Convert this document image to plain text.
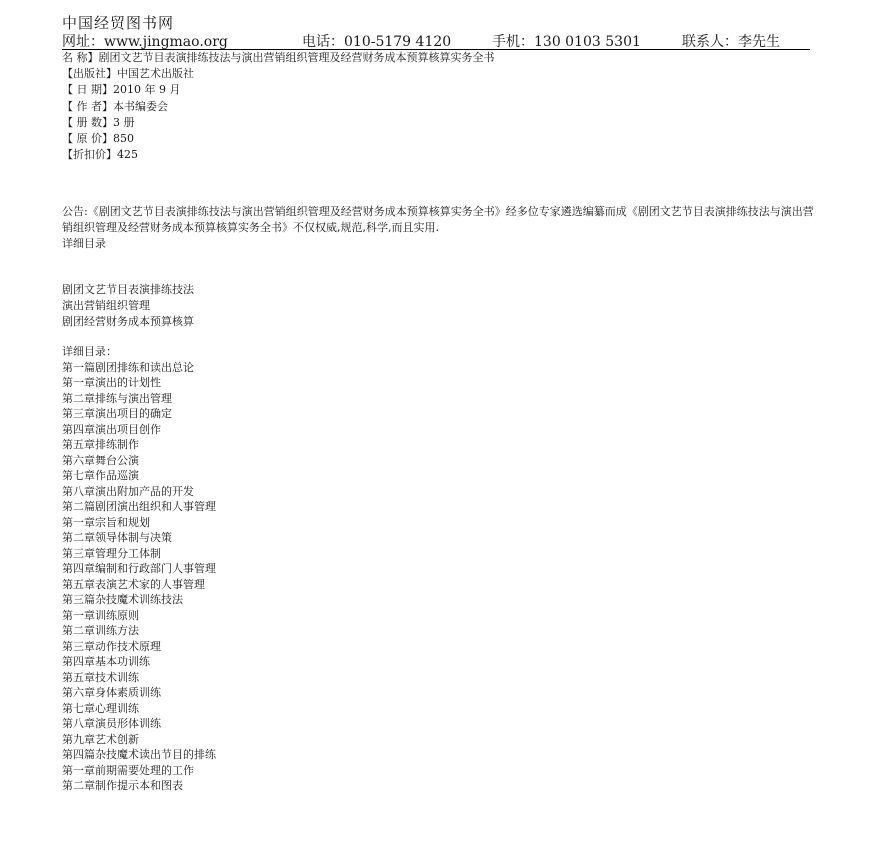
中国经贸图书网
网址：www.jingmao.org	电话：010-5179 4120	手机：130 0103 5301	联系人：李先生
名 称】剧团文艺节目表演排练技法与演出营销组织管理及经营财务成本预算核算实务全书
【出版社】中国艺术出版社
【 日 期】2010 年 9 月
【 作 者】本书编委会
【 册 数】3 册
【 原 价】850
【折扣价】425
公告:《剧团文艺节目表演排练技法与演出营销组织管理及经营财务成本预算核算实务全书》经多位专家遴选编纂而成《剧团文艺节目表演排练技法与演出营销组织管理及经营财务成本预算核算实务全书》不仅权威,规范,科学,而且实用.
详细目录
剧团文艺节目表演排练技法
演出营销组织管理
剧团经营财务成本预算核算
详细目录：
第一篇剧团排练和读出总论
第一章演出的计划性
第二章排练与演出管理
第三章演出项目的确定
第四章演出项目创作
第五章排练制作
第六章舞台公演
第七章作品巡演
第八章演出附加产品的开发
第二篇剧团演出组织和人事管理
第一章宗旨和规划
第二章领导体制与决策
第三章管理分工体制
第四章编制和行政部门人事管理
第五章表演艺术家的人事管理
第三篇杂技魔术训练技法
第一章训练原则
第二章训练方法
第三章动作技术原理
第四章基本功训练
第五章技术训练
第六章身体素质训练
第七章心理训练
第八章演员形体训练
第九章艺术创新
第四篇杂技魔术读出节目的排练
第一章前期需要处理的工作
第二章制作提示本和图表
